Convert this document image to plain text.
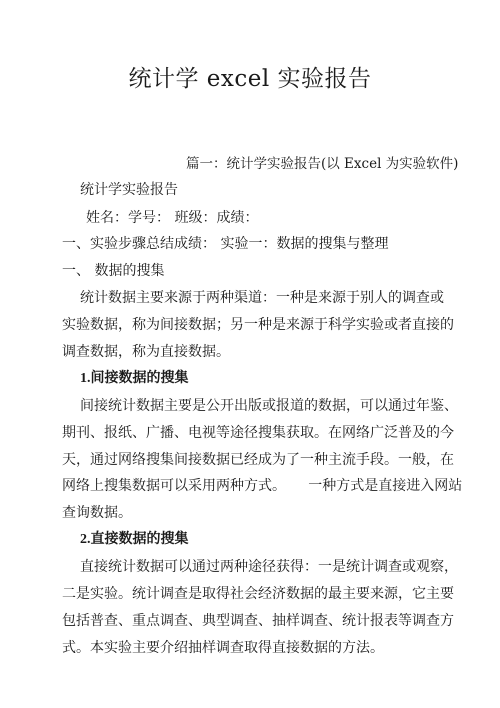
统计学 excel 实验报告
篇一：统计学实验报告(以 Excel 为实验软件)
统计学实验报告
姓名：学号： 班级：成绩：
一、实验步骤总结成绩： 实验一：数据的搜集与整理
一、 数据的搜集
统计数据主要来源于两种渠道：一种是来源于别人的调查或
实验数据，称为间接数据；另一种是来源于科学实验或者直接的
调查数据，称为直接数据。
1.间接数据的搜集
间接统计数据主要是公开出版或报道的数据，可以通过年鉴、
期刊、报纸、广播、电视等途径搜集获取。在网络广泛普及的今
天，通过网络搜集间接数据已经成为了一种主流手段。一般，在
网络上搜集数据可以采用两种方式。     一种方式是直接进入网站
查询数据。
2.直接数据的搜集
直接统计数据可以通过两种途径获得：一是统计调查或观察，
二是实验。统计调查是取得社会经济数据的最主要来源，它主要
包括普查、重点调查、典型调查、抽样调查、统计报表等调查方
式。本实验主要介绍抽样调查取得直接数据的方法。
